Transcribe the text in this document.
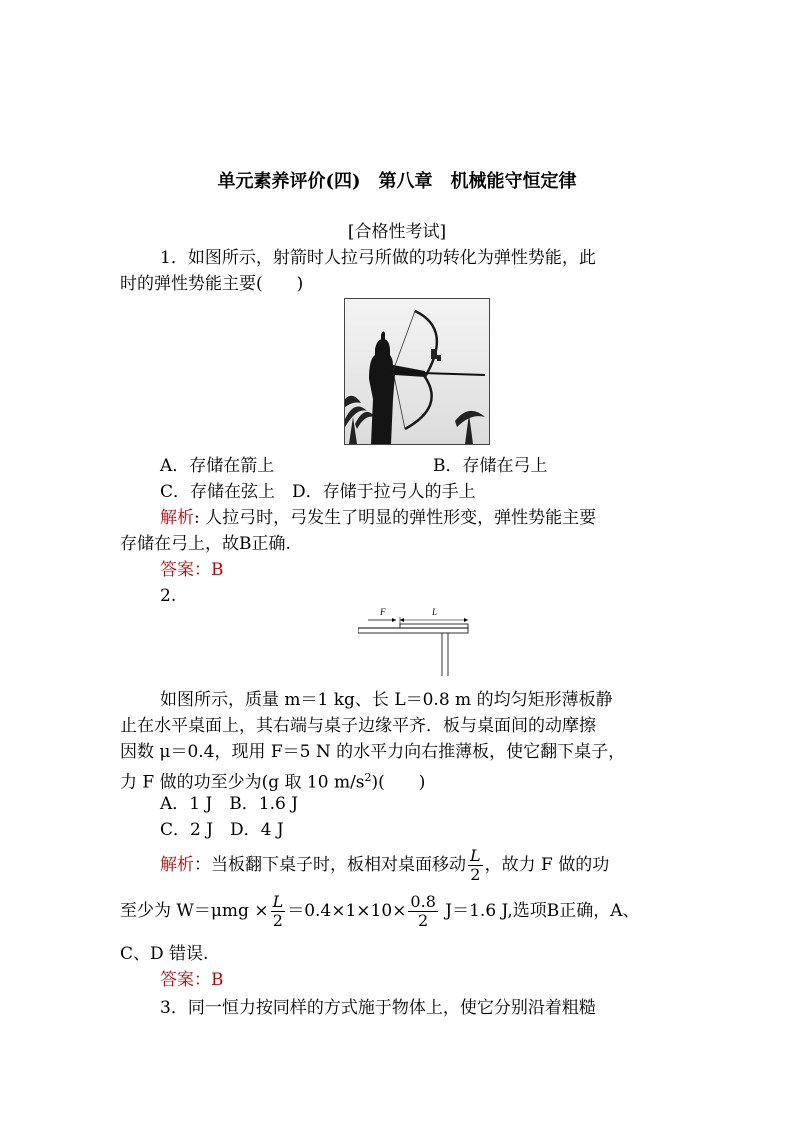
单元素养评价(四)　第八章　机械能守恒定律
[合格性考试]
1．如图所示，射箭时人拉弓所做的功转化为弹性势能，此
时的弹性势能主要(　　)
A．存储在箭上	B．存储在弓上
C．存储在弦上　D．存储于拉弓人的手上
解析: 人拉弓时，弓发生了明显的弹性形变，弹性势能主要
存储在弓上，故B正确.
答案：B
2.
F	L
如图所示，质量 m＝1 kg、长 L＝0.8 m 的均匀矩形薄板静
止在水平桌面上，其右端与桌子边缘平齐．板与桌面间的动摩擦
因数 μ＝0.4，现用 F＝5 N 的水平力向右推薄板，使它翻下桌子，
力 F 做的功至少为(g 取 10 $m/s^2$)(　　)
A．1 J　B．1.6 J
C．2 J　D．4 J
解析：当板翻下桌子时，板相对桌面移动 $\frac{L}{2}$ ，故力 F 做的功
至少为 $W=\mu mg \times \frac{L}{2} =0.4\times 1\times 10\times \frac{0.8}{2} J=1.6$ J,选项B正确，A、
C、D 错误.
答案：B
3．同一恒力按同样的方式施于物体上，使它分别沿着粗糙
